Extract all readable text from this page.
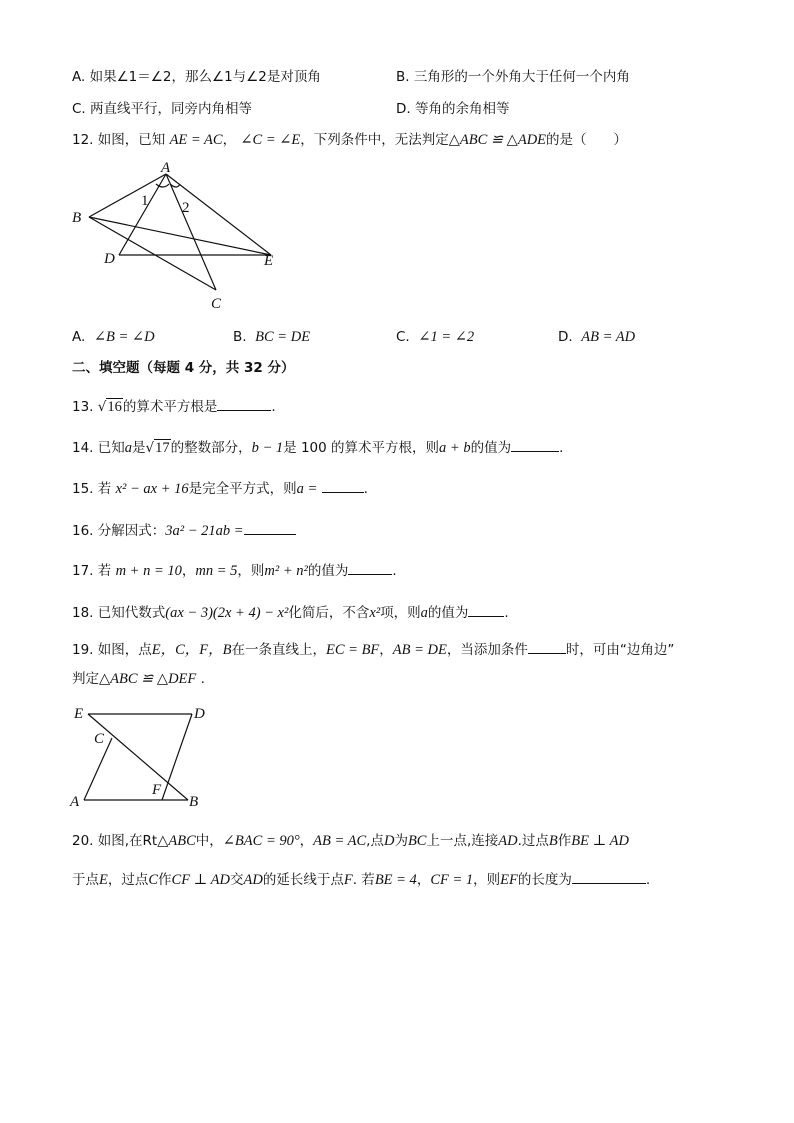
A. 如果∠1＝∠2，那么∠1与∠2是对顶角	B. 三角形的一个外角大于任何一个内角
C. 两直线平行，同旁内角相等	D. 等角的余角相等
12. 如图，已知 AE = AC， ∠C = ∠E，下列条件中，无法判定△ABC ≌ △ADE的是（　　）
A
B
C
D	E
1 2
A. ∠B = ∠D	B. BC = DE	C. ∠1 = ∠2	D. AB = AD
二、填空题（每题 4 分，共 32 分）
13. √16的算术平方根是	.
14. 已知a是√17的整数部分，b − 1是 100 的算术平方根，则a + b的值为	.
15. 若 x² − ax + 16是完全平方式，则a =	.
16. 分解因式：3a² − 21ab =
17. 若 m + n = 10，mn = 5，则m² + n²的值为	.
18. 已知代数式(ax − 3)(2x + 4) − x²化简后，不含x²项，则a的值为	.
19. 如图，点E，C，F，B在一条直线上，EC = BF，AB = DE，当添加条件	时，可由“边角边”
判定△ABC ≌ △DEF .
E	D
C
F
A	B
20. 如图,在Rt△ABC中，∠BAC = 90°，AB = AC,点D为BC上一点,连接AD.过点B作BE ⊥ AD
于点E，过点C作CF ⊥ AD交AD的延长线于点F. 若BE = 4，CF = 1，则EF的长度为	.
